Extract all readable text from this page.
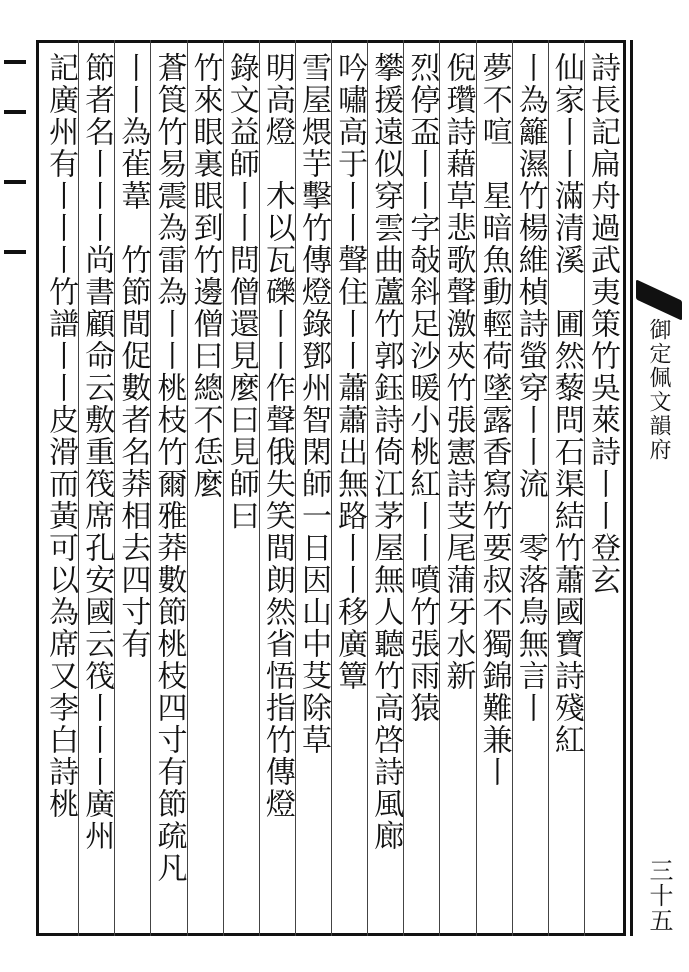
詩長記扁舟過武夷策竹吳萊詩丨丨登玄
仙家丨丨滿清溪　圃然藜問石渠結竹蕭國寶詩殘紅
丨為籬濕竹楊維楨詩螢穿丨丨流　零落鳥無言丨
夢不喧　星暗魚動輕荷墜露香寫竹要叔不獨錦難兼丨
倪瓚詩藉草悲歌聲激夾竹張憲詩芰尾蒲牙水新
烈停盃丨丨字敧斜足沙暖小桃紅丨丨噴竹張雨猿
攀援遠似穿雲曲蘆竹郭鈺詩倚江茅屋無人聽竹高啓詩風廊
吟嘯高于丨丨聲住丨丨蕭蕭出無路丨丨移廣簟
雪屋煨芋擊竹傳燈錄鄧州智閑師一日因山中芟除草
明高燈　木以瓦礫丨丨作聲俄失笑間朗然省悟指竹傳燈
錄文益師丨丨問僧還見麼曰見師曰
竹來眼裏眼到竹邊僧曰總不恁麼
蒼筤竹易震為雷為丨丨桃枝竹爾雅莽數節桃枝四寸有節疏凡
丨丨為雈葦　竹節間促數者名莽相去四寸有
節者名丨丨丨尚書顧命云敷重筏席孔安國云筏丨丨丨廣州
記廣州有丨丨丨竹譜丨丨皮滑而黃可以為席又李白詩桃	御定佩文韻府
三十五
